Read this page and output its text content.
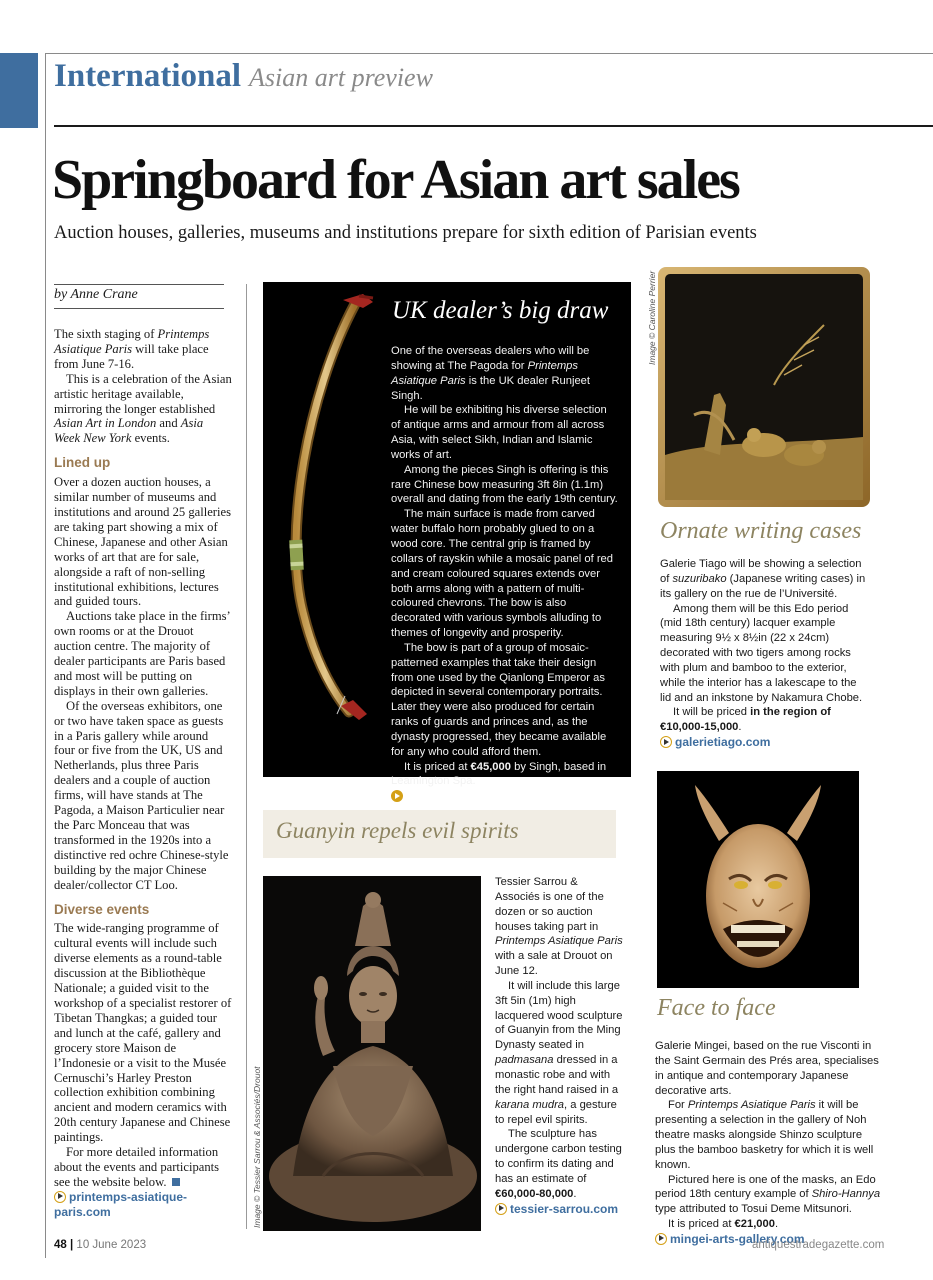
International Asian art preview
Springboard for Asian art sales
Auction houses, galleries, museums and institutions prepare for sixth edition of Parisian events
by Anne Crane

The sixth staging of Printemps Asiatique Paris will take place from June 7-16.

This is a celebration of the Asian artistic heritage available, mirroring the longer established Asian Art in London and Asia Week New York events.

Lined up

Over a dozen auction houses, a similar number of museums and institutions and around 25 galleries are taking part showing a mix of Chinese, Japanese and other Asian works of art that are for sale, alongside a raft of non-selling institutional exhibitions, lectures and guided tours.

Auctions take place in the firms’ own rooms or at the Drouot auction centre. The majority of dealer participants are Paris based and most will be putting on displays in their own galleries.

Of the overseas exhibitors, one or two have taken space as guests in a Paris gallery while around four or five from the UK, US and Netherlands, plus three Paris dealers and a couple of auction firms, will have stands at The Pagoda, a Maison Particulier near the Parc Monceau that was transformed in the 1920s into a distinctive red ochre Chinese-style building by the major Chinese dealer/collector CT Loo.

Diverse events

The wide-ranging programme of cultural events will include such diverse elements as a round-table discussion at the Bibliothèque Nationale; a guided visit to the workshop of a specialist restorer of Tibetan Thangkas; a guided tour and lunch at the café, gallery and grocery store Maison de l’Indonesie or a visit to the Musée Cernuschi’s Harley Preston collection exhibition combining ancient and modern ceramics with 20th century Japanese and Chinese paintings.

For more detailed information about the events and participants see the website below.

printemps-asiatique-paris.com

UK dealer’s big draw

One of the overseas dealers who will be showing at The Pagoda for Printemps Asiatique Paris is the UK dealer Runjeet Singh.

He will be exhibiting his diverse selection of antique arms and armour from all across Asia, with select Sikh, Indian and Islamic works of art.

Among the pieces Singh is offering is this rare Chinese bow measuring 3ft 8in (1.1m) overall and dating from the early 19th century.

The main surface is made from carved water buffalo horn probably glued to on a wood core. The central grip is framed by collars of rayskin while a mosaic panel of red and cream coloured squares extends over both arms along with a pattern of multi-coloured chevrons. The bow is also decorated with various symbols alluding to themes of longevity and prosperity.

The bow is part of a group of mosaic-patterned examples that take their design from one used by the Qianlong Emperor as depicted in several contemporary portraits. Later they were also produced for certain ranks of guards and princes and, as the dynasty progressed, they became available for any who could afford them.

It is priced at €45,000 by Singh, based in Leamington Spa.

runjeetsingh.com

Guanyin repels evil spirits
Image © Tessier Sarrou & Associés/Drouot

Tessier Sarrou & Associés is one of the dozen or so auction houses taking part in Printemps Asiatique Paris with a sale at Drouot on June 12.

It will include this large 3ft 5in (1m) high lacquered wood sculpture of Guanyin from the Ming Dynasty seated in padmasana dressed in a monastic robe and with the right hand raised in a karana mudra, a gesture to repel evil spirits.

The sculpture has undergone carbon testing to confirm its dating and has an estimate of €60,000-80,000.

tessier-sarrou.com

Image © Caroline Perrier
Ornate writing cases

Galerie Tiago will be showing a selection of suzuribako (Japanese writing cases) in its gallery on the rue de l’Université.

Among them will be this Edo period (mid 18th century) lacquer example measuring 9½ x 8½in (22 x 24cm) decorated with two tigers among rocks with plum and bamboo to the exterior, while the interior has a lakescape to the lid and an inkstone by Nakamura Chobe.

It will be priced in the region of €10,000-15,000.

galerietiago.com

Face to face

Galerie Mingei, based on the rue Visconti in the Saint Germain des Prés area, specialises in antique and contemporary Japanese decorative arts.

For Printemps Asiatique Paris it will be presenting a selection in the gallery of Noh theatre masks alongside Shinzo sculpture plus the bamboo basketry for which it is well known.

Pictured here is one of the masks, an Edo period 18th century example of Shiro-Hannya type attributed to Tosui Deme Mitsunori.

It is priced at €21,000.

mingei-arts-gallery.com

48 | 10 June 2023	antiquestradegazette.com
